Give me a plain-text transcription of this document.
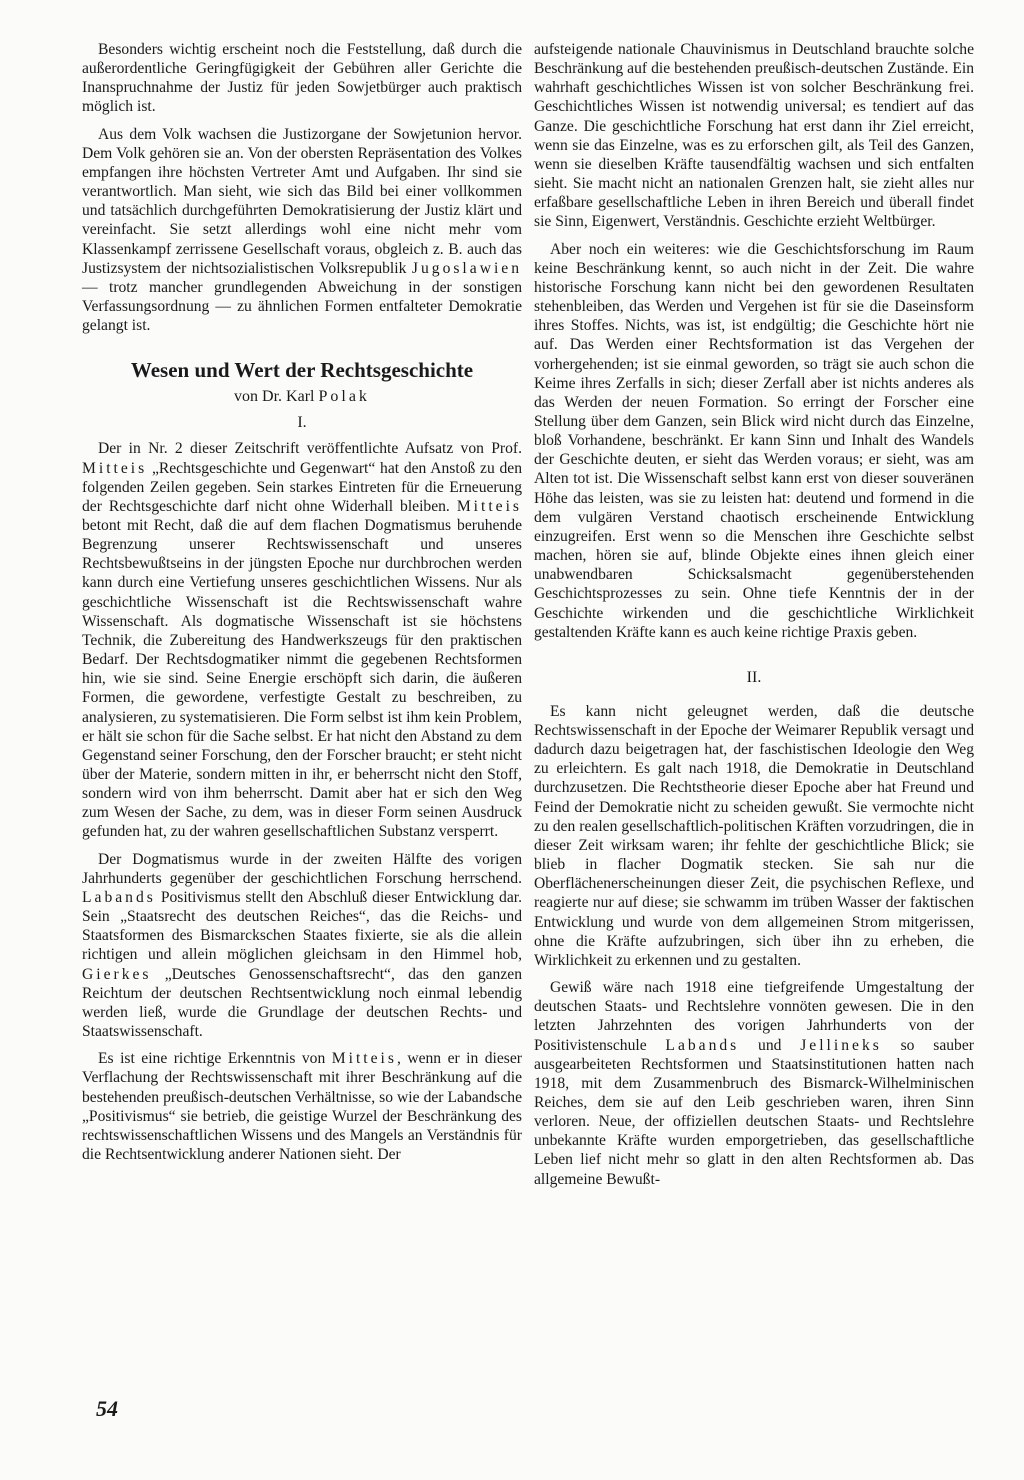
Besonders wichtig erscheint noch die Feststellung, daß durch die außerordentliche Geringfügigkeit der Gebühren aller Gerichte die Inanspruchnahme der Justiz für jeden Sowjetbürger auch praktisch möglich ist.

Aus dem Volk wachsen die Justizorgane der Sowjetunion hervor. Dem Volk gehören sie an. Von der obersten Repräsentation des Volkes empfangen ihre höchsten Vertreter Amt und Aufgaben. Ihr sind sie verantwortlich. Man sieht, wie sich das Bild bei einer vollkommen und tatsächlich durchgeführten Demokratisierung der Justiz klärt und vereinfacht. Sie setzt allerdings wohl eine nicht mehr vom Klassenkampf zerrissene Gesellschaft voraus, obgleich z. B. auch das Justizsystem der nichtsozialistischen Volksrepublik Jugoslawien — trotz mancher grundlegenden Abweichung in der sonstigen Verfassungsordnung — zu ähnlichen Formen entfalteter Demokratie gelangt ist.

Wesen und Wert der Rechtsgeschichte
von Dr. Karl Polak
I.

Der in Nr. 2 dieser Zeitschrift veröffentlichte Aufsatz von Prof. Mitteis „Rechtsgeschichte und Gegenwart“ hat den Anstoß zu den folgenden Zeilen gegeben. Sein starkes Eintreten für die Erneuerung der Rechtsgeschichte darf nicht ohne Widerhall bleiben. Mitteis betont mit Recht, daß die auf dem flachen Dogmatismus beruhende Begrenzung unserer Rechtswissenschaft und unseres Rechtsbewußtseins in der jüngsten Epoche nur durchbrochen werden kann durch eine Vertiefung unseres geschichtlichen Wissens. Nur als geschichtliche Wissenschaft ist die Rechtswissenschaft wahre Wissenschaft. Als dogmatische Wissenschaft ist sie höchstens Technik, die Zubereitung des Handwerkszeugs für den praktischen Bedarf. Der Rechtsdogmatiker nimmt die gegebenen Rechtsformen hin, wie sie sind. Seine Energie erschöpft sich darin, die äußeren Formen, die gewordene, verfestigte Gestalt zu beschreiben, zu analysieren, zu systematisieren. Die Form selbst ist ihm kein Problem, er hält sie schon für die Sache selbst. Er hat nicht den Abstand zu dem Gegenstand seiner Forschung, den der Forscher braucht; er steht nicht über der Materie, sondern mitten in ihr, er beherrscht nicht den Stoff, sondern wird von ihm beherrscht. Damit aber hat er sich den Weg zum Wesen der Sache, zu dem, was in dieser Form seinen Ausdruck gefunden hat, zu der wahren gesellschaftlichen Substanz versperrt.

Der Dogmatismus wurde in der zweiten Hälfte des vorigen Jahrhunderts gegenüber der geschichtlichen Forschung herrschend. Labands Positivismus stellt den Abschluß dieser Entwicklung dar. Sein „Staatsrecht des deutschen Reiches“, das die Reichs- und Staatsformen des Bismarckschen Staates fixierte, sie als die allein richtigen und allein möglichen gleichsam in den Himmel hob, Gierkes „Deutsches Genossenschaftsrecht“, das den ganzen Reichtum der deutschen Rechtsentwicklung noch einmal lebendig werden ließ, wurde die Grundlage der deutschen Rechts- und Staatswissenschaft.

Es ist eine richtige Erkenntnis von Mitteis, wenn er in dieser Verflachung der Rechtswissenschaft mit ihrer Beschränkung auf die bestehenden preußisch-deutschen Verhältnisse, so wie der Labandsche „Positivismus“ sie betrieb, die geistige Wurzel der Beschränkung des rechtswissenschaftlichen Wissens und des Mangels an Verständnis für die Rechtsentwicklung anderer Nationen sieht. Der

aufsteigende nationale Chauvinismus in Deutschland brauchte solche Beschränkung auf die bestehenden preußisch-deutschen Zustände. Ein wahrhaft geschichtliches Wissen ist von solcher Beschränkung frei. Geschichtliches Wissen ist notwendig universal; es tendiert auf das Ganze. Die geschichtliche Forschung hat erst dann ihr Ziel erreicht, wenn sie das Einzelne, was es zu erforschen gilt, als Teil des Ganzen, wenn sie dieselben Kräfte tausendfältig wachsen und sich entfalten sieht. Sie macht nicht an nationalen Grenzen halt, sie zieht alles nur erfaßbare gesellschaftliche Leben in ihren Bereich und überall findet sie Sinn, Eigenwert, Verständnis. Geschichte erzieht Weltbürger.

Aber noch ein weiteres: wie die Geschichtsforschung im Raum keine Beschränkung kennt, so auch nicht in der Zeit. Die wahre historische Forschung kann nicht bei den gewordenen Resultaten stehenbleiben, das Werden und Vergehen ist für sie die Daseinsform ihres Stoffes. Nichts, was ist, ist endgültig; die Geschichte hört nie auf. Das Werden einer Rechtsformation ist das Vergehen der vorhergehenden; ist sie einmal geworden, so trägt sie auch schon die Keime ihres Zerfalls in sich; dieser Zerfall aber ist nichts anderes als das Werden der neuen Formation. So erringt der Forscher eine Stellung über dem Ganzen, sein Blick wird nicht durch das Einzelne, bloß Vorhandene, beschränkt. Er kann Sinn und Inhalt des Wandels der Geschichte deuten, er sieht das Werden voraus; er sieht, was am Alten tot ist. Die Wissenschaft selbst kann erst von dieser souveränen Höhe das leisten, was sie zu leisten hat: deutend und formend in die dem vulgären Verstand chaotisch erscheinende Entwicklung einzugreifen. Erst wenn so die Menschen ihre Geschichte selbst machen, hören sie auf, blinde Objekte eines ihnen gleich einer unabwendbaren Schicksalsmacht gegenüberstehenden Geschichtsprozesses zu sein. Ohne tiefe Kenntnis der in der Geschichte wirkenden und die geschichtliche Wirklichkeit gestaltenden Kräfte kann es auch keine richtige Praxis geben.

II.

Es kann nicht geleugnet werden, daß die deutsche Rechtswissenschaft in der Epoche der Weimarer Republik versagt und dadurch dazu beigetragen hat, der faschistischen Ideologie den Weg zu erleichtern. Es galt nach 1918, die Demokratie in Deutschland durchzusetzen. Die Rechtstheorie dieser Epoche aber hat Freund und Feind der Demokratie nicht zu scheiden gewußt. Sie vermochte nicht zu den realen gesellschaftlich-politischen Kräften vorzudringen, die in dieser Zeit wirksam waren; ihr fehlte der geschichtliche Blick; sie blieb in flacher Dogmatik stecken. Sie sah nur die Oberflächenerscheinungen dieser Zeit, die psychischen Reflexe, und reagierte nur auf diese; sie schwamm im trüben Wasser der faktischen Entwicklung und wurde von dem allgemeinen Strom mitgerissen, ohne die Kräfte aufzubringen, sich über ihn zu erheben, die Wirklichkeit zu erkennen und zu gestalten.

Gewiß wäre nach 1918 eine tiefgreifende Umgestaltung der deutschen Staats- und Rechtslehre vonnöten gewesen. Die in den letzten Jahrzehnten des vorigen Jahrhunderts von der Positivistenschule Labands und Jellineks so sauber ausgearbeiteten Rechtsformen und Staatsinstitutionen hatten nach 1918, mit dem Zusammenbruch des Bismarck-Wilhelminischen Reiches, dem sie auf den Leib geschrieben waren, ihren Sinn verloren. Neue, der offiziellen deutschen Staats- und Rechtslehre unbekannte Kräfte wurden emporgetrieben, das gesellschaftliche Leben lief nicht mehr so glatt in den alten Rechtsformen ab. Das allgemeine Bewußt-

54
